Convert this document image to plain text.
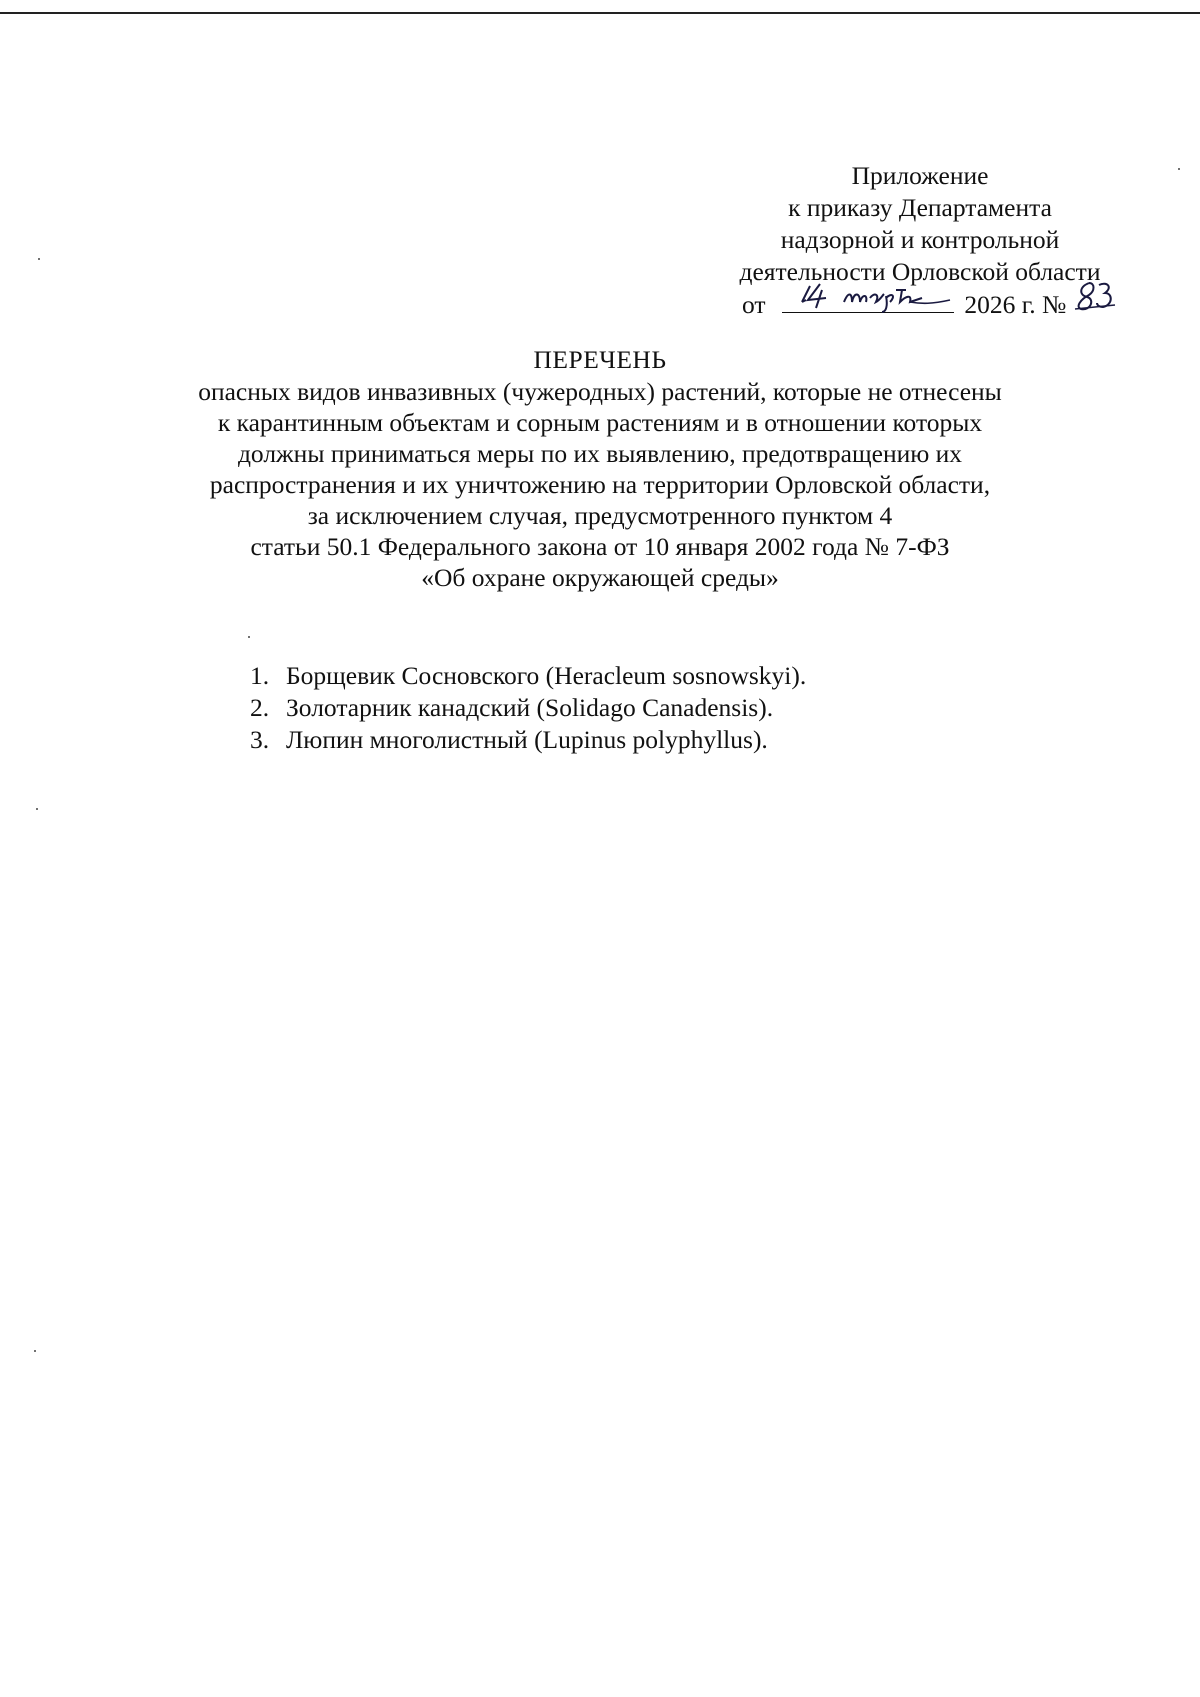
Приложение
к приказу Департамента
надзорной и контрольной
деятельности Орловской области
от	2026 г. №
ПЕРЕЧЕНЬ
опасных видов инвазивных (чужеродных) растений, которые не отнесены
к карантинным объектам и сорным растениям и в отношении которых
должны приниматься меры по их выявлению, предотвращению их
распространения и их уничтожению на территории Орловской области,
за исключением случая, предусмотренного пунктом 4
статьи 50.1 Федерального закона от 10 января 2002 года № 7-ФЗ
«Об охране окружающей среды»
1. Борщевик Сосновского (Heracleum sosnowskyi).
2. Золотарник канадский (Solidago Canadensis).
3. Люпин многолистный (Lupinus polyphyllus).
